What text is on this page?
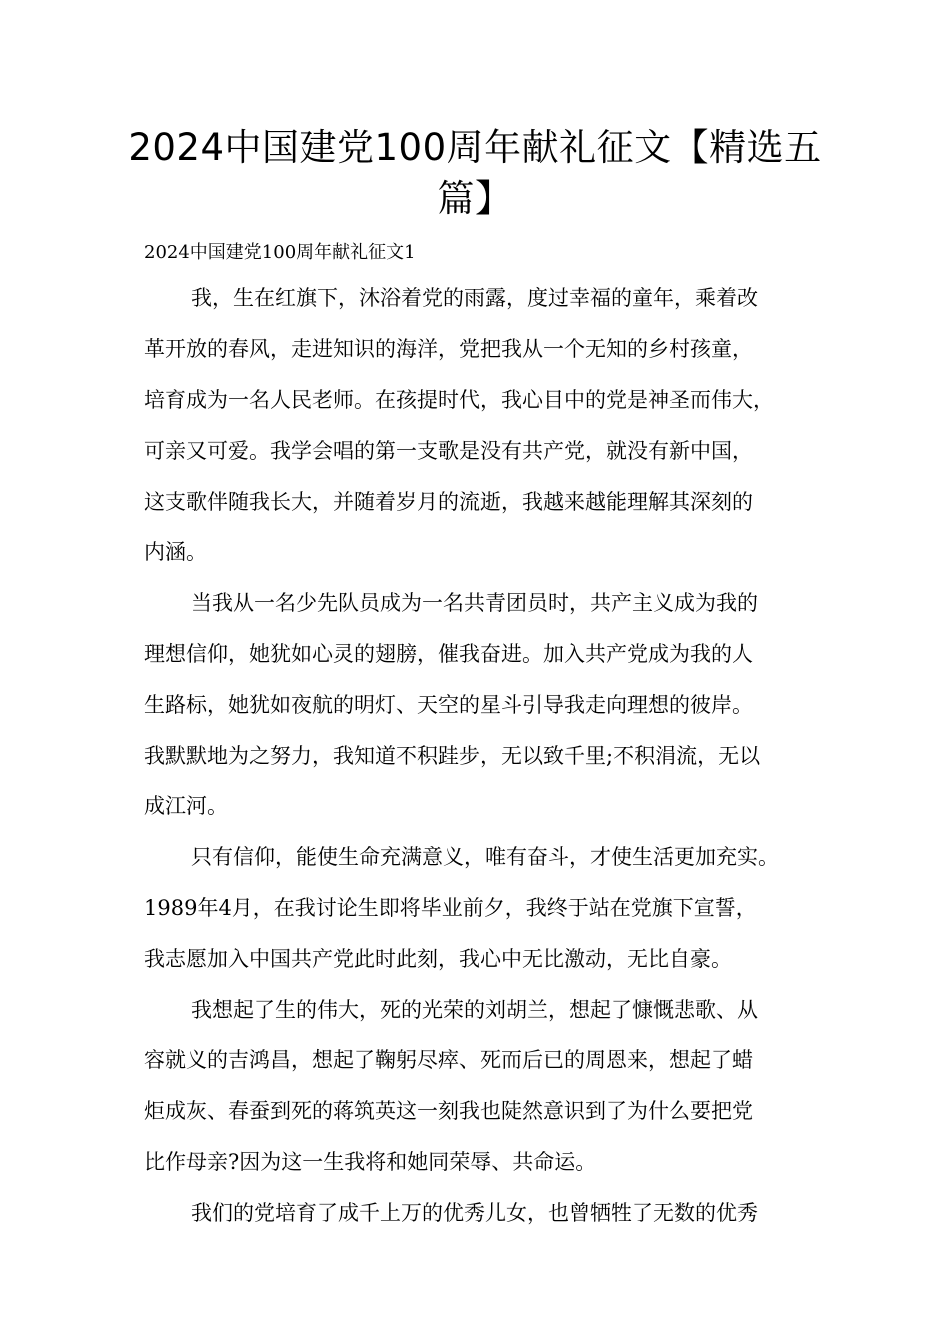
2024中国建党100周年献礼征文【精选五篇】

2024中国建党100周年献礼征文1

我，生在红旗下，沐浴着党的雨露，度过幸福的童年，乘着改

革开放的春风，走进知识的海洋，党把我从一个无知的乡村孩童，

培育成为一名人民老师。在孩提时代，我心目中的党是神圣而伟大，

可亲又可爱。我学会唱的第一支歌是没有共产党，就没有新中国，

这支歌伴随我长大，并随着岁月的流逝，我越来越能理解其深刻的

内涵。

当我从一名少先队员成为一名共青团员时，共产主义成为我的

理想信仰，她犹如心灵的翅膀，催我奋进。加入共产党成为我的人

生路标，她犹如夜航的明灯、天空的星斗引导我走向理想的彼岸。

我默默地为之努力，我知道不积跬步，无以致千里;不积涓流，无以

成江河。

只有信仰，能使生命充满意义，唯有奋斗，才使生活更加充实。

1989年4月，在我讨论生即将毕业前夕，我终于站在党旗下宣誓，

我志愿加入中国共产党此时此刻，我心中无比激动，无比自豪。

我想起了生的伟大，死的光荣的刘胡兰，想起了慷慨悲歌、从

容就义的吉鸿昌，想起了鞠躬尽瘁、死而后已的周恩来，想起了蜡

炬成灰、春蚕到死的蒋筑英这一刻我也陡然意识到了为什么要把党

比作母亲?因为这一生我将和她同荣辱、共命运。

我们的党培育了成千上万的优秀儿女，也曾牺牲了无数的优秀
